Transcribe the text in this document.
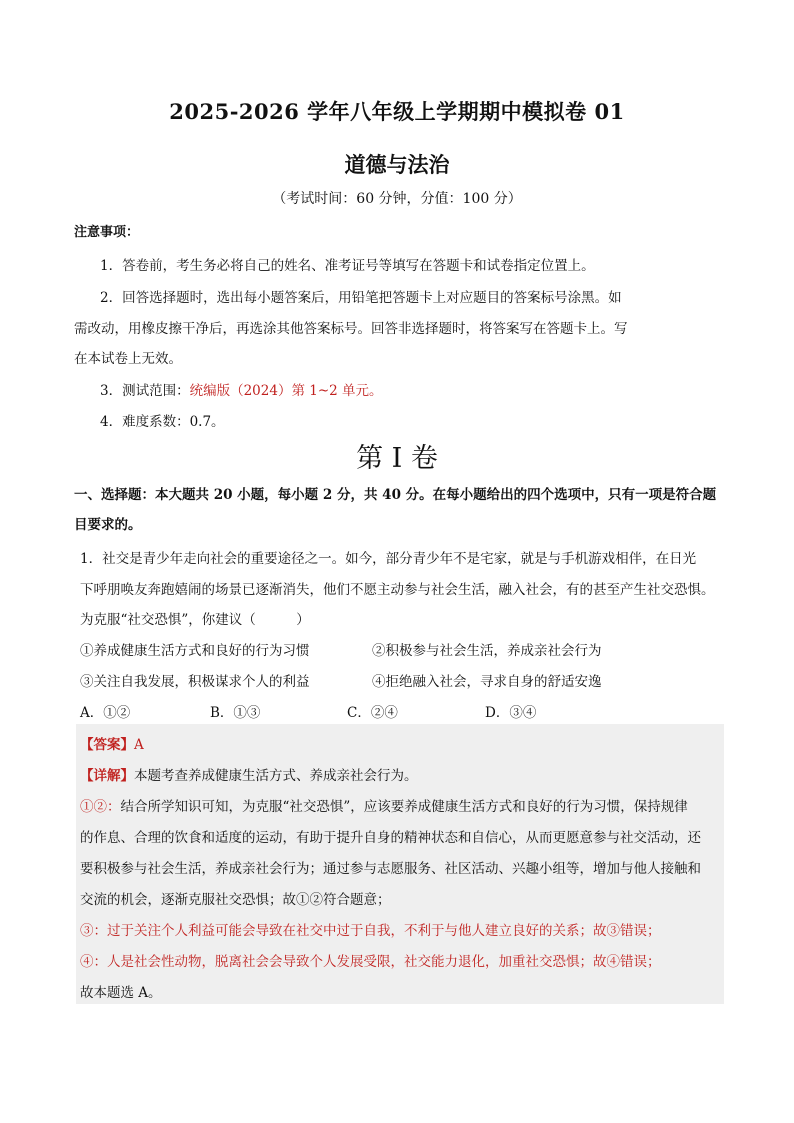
2025-2026 学年八年级上学期期中模拟卷 01
道德与法治
（考试时间：60 分钟，分值：100 分）
注意事项：
1．答卷前，考生务必将自己的姓名、准考证号等填写在答题卡和试卷指定位置上。
2．回答选择题时，选出每小题答案后，用铅笔把答题卡上对应题目的答案标号涂黑。如
需改动，用橡皮擦干净后，再选涂其他答案标号。回答非选择题时，将答案写在答题卡上。写
在本试卷上无效。
3．测试范围：统编版（2024）第 1~2 单元。
4．难度系数：0.7。
第 I 卷
一、选择题：本大题共 20 小题，每小题 2 分，共 40 分。在每小题给出的四个选项中，只有一项是符合题
目要求的。
1．社交是青少年走向社会的重要途径之一。如今，部分青少年不是宅家，就是与手机游戏相伴，在日光
下呼朋唤友奔跑嬉闹的场景已逐渐消失，他们不愿主动参与社会生活，融入社会，有的甚至产生社交恐惧。
为克服“社交恐惧”，你建议（　　　）
①养成健康生活方式和良好的行为习惯	②积极参与社会生活，养成亲社会行为
③关注自我发展，积极谋求个人的利益	④拒绝融入社会，寻求自身的舒适安逸
A．①②	B．①③	C．②④	D．③④
【答案】A
【详解】本题考查养成健康生活方式、养成亲社会行为。
①②：结合所学知识可知，为克服“社交恐惧”，应该要养成健康生活方式和良好的行为习惯，保持规律
的作息、合理的饮食和适度的运动，有助于提升自身的精神状态和自信心，从而更愿意参与社交活动，还
要积极参与社会生活，养成亲社会行为；通过参与志愿服务、社区活动、兴趣小组等，增加与他人接触和
交流的机会，逐渐克服社交恐惧；故①②符合题意；
③：过于关注个人利益可能会导致在社交中过于自我，不利于与他人建立良好的关系；故③错误；
④：人是社会性动物，脱离社会会导致个人发展受限，社交能力退化，加重社交恐惧；故④错误；
故本题选 A。
